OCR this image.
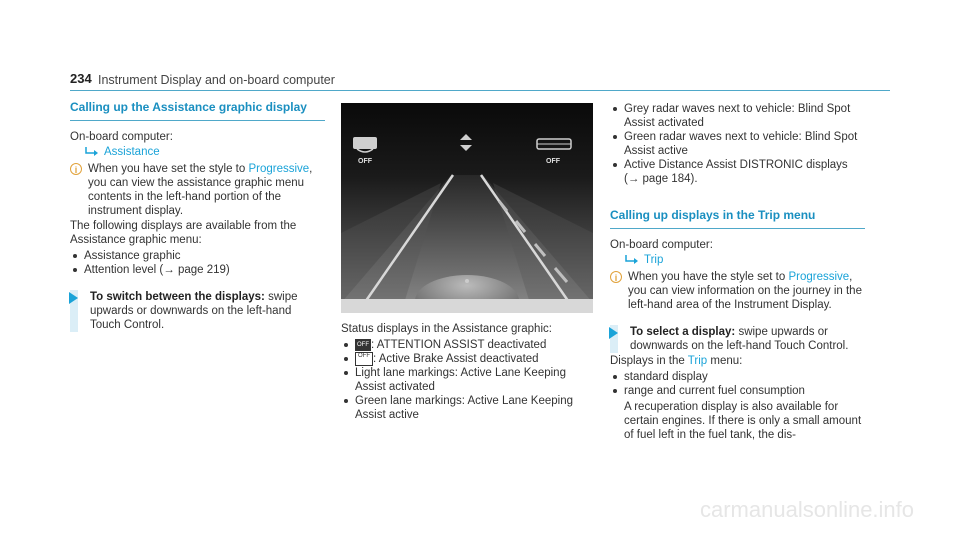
234 Instrument Display and on-board computer
Calling up the Assistance graphic display

On-board computer:

Assistance
i When you have set the style to Progressive, you can view the assistance graphic menu contents in the left-hand portion of the instrument display.

The following displays are available from the Assistance graphic menu:

Assistance graphic
Attention level (→ page 219)
To switch between the displays: swipe upwards or downwards on the left-hand Touch Control.
OFF	OFF

Status displays in the Assistance graphic:

OFF : ATTENTION ASSIST deactivated
OFF : Active Brake Assist deactivated
Light lane markings: Active Lane Keeping Assist activated
Green lane markings: Active Lane Keeping Assist active
Grey radar waves next to vehicle: Blind Spot Assist activated
Green radar waves next to vehicle: Blind Spot Assist active
Active Distance Assist DISTRONIC displays (→ page 184).
Calling up displays in the Trip menu

On-board computer:

Trip
i When you have the style set to Progressive, you can view information on the journey in the left-hand area of the Instrument Display.
To select a display: swipe upwards or downwards on the left-hand Touch Control.

Displays in the Trip menu:

standard display
range and current fuel consumption

A recuperation display is also available for certain engines. If there is only a small amount of fuel left in the fuel tank, the dis-

carmanualsonline.info
